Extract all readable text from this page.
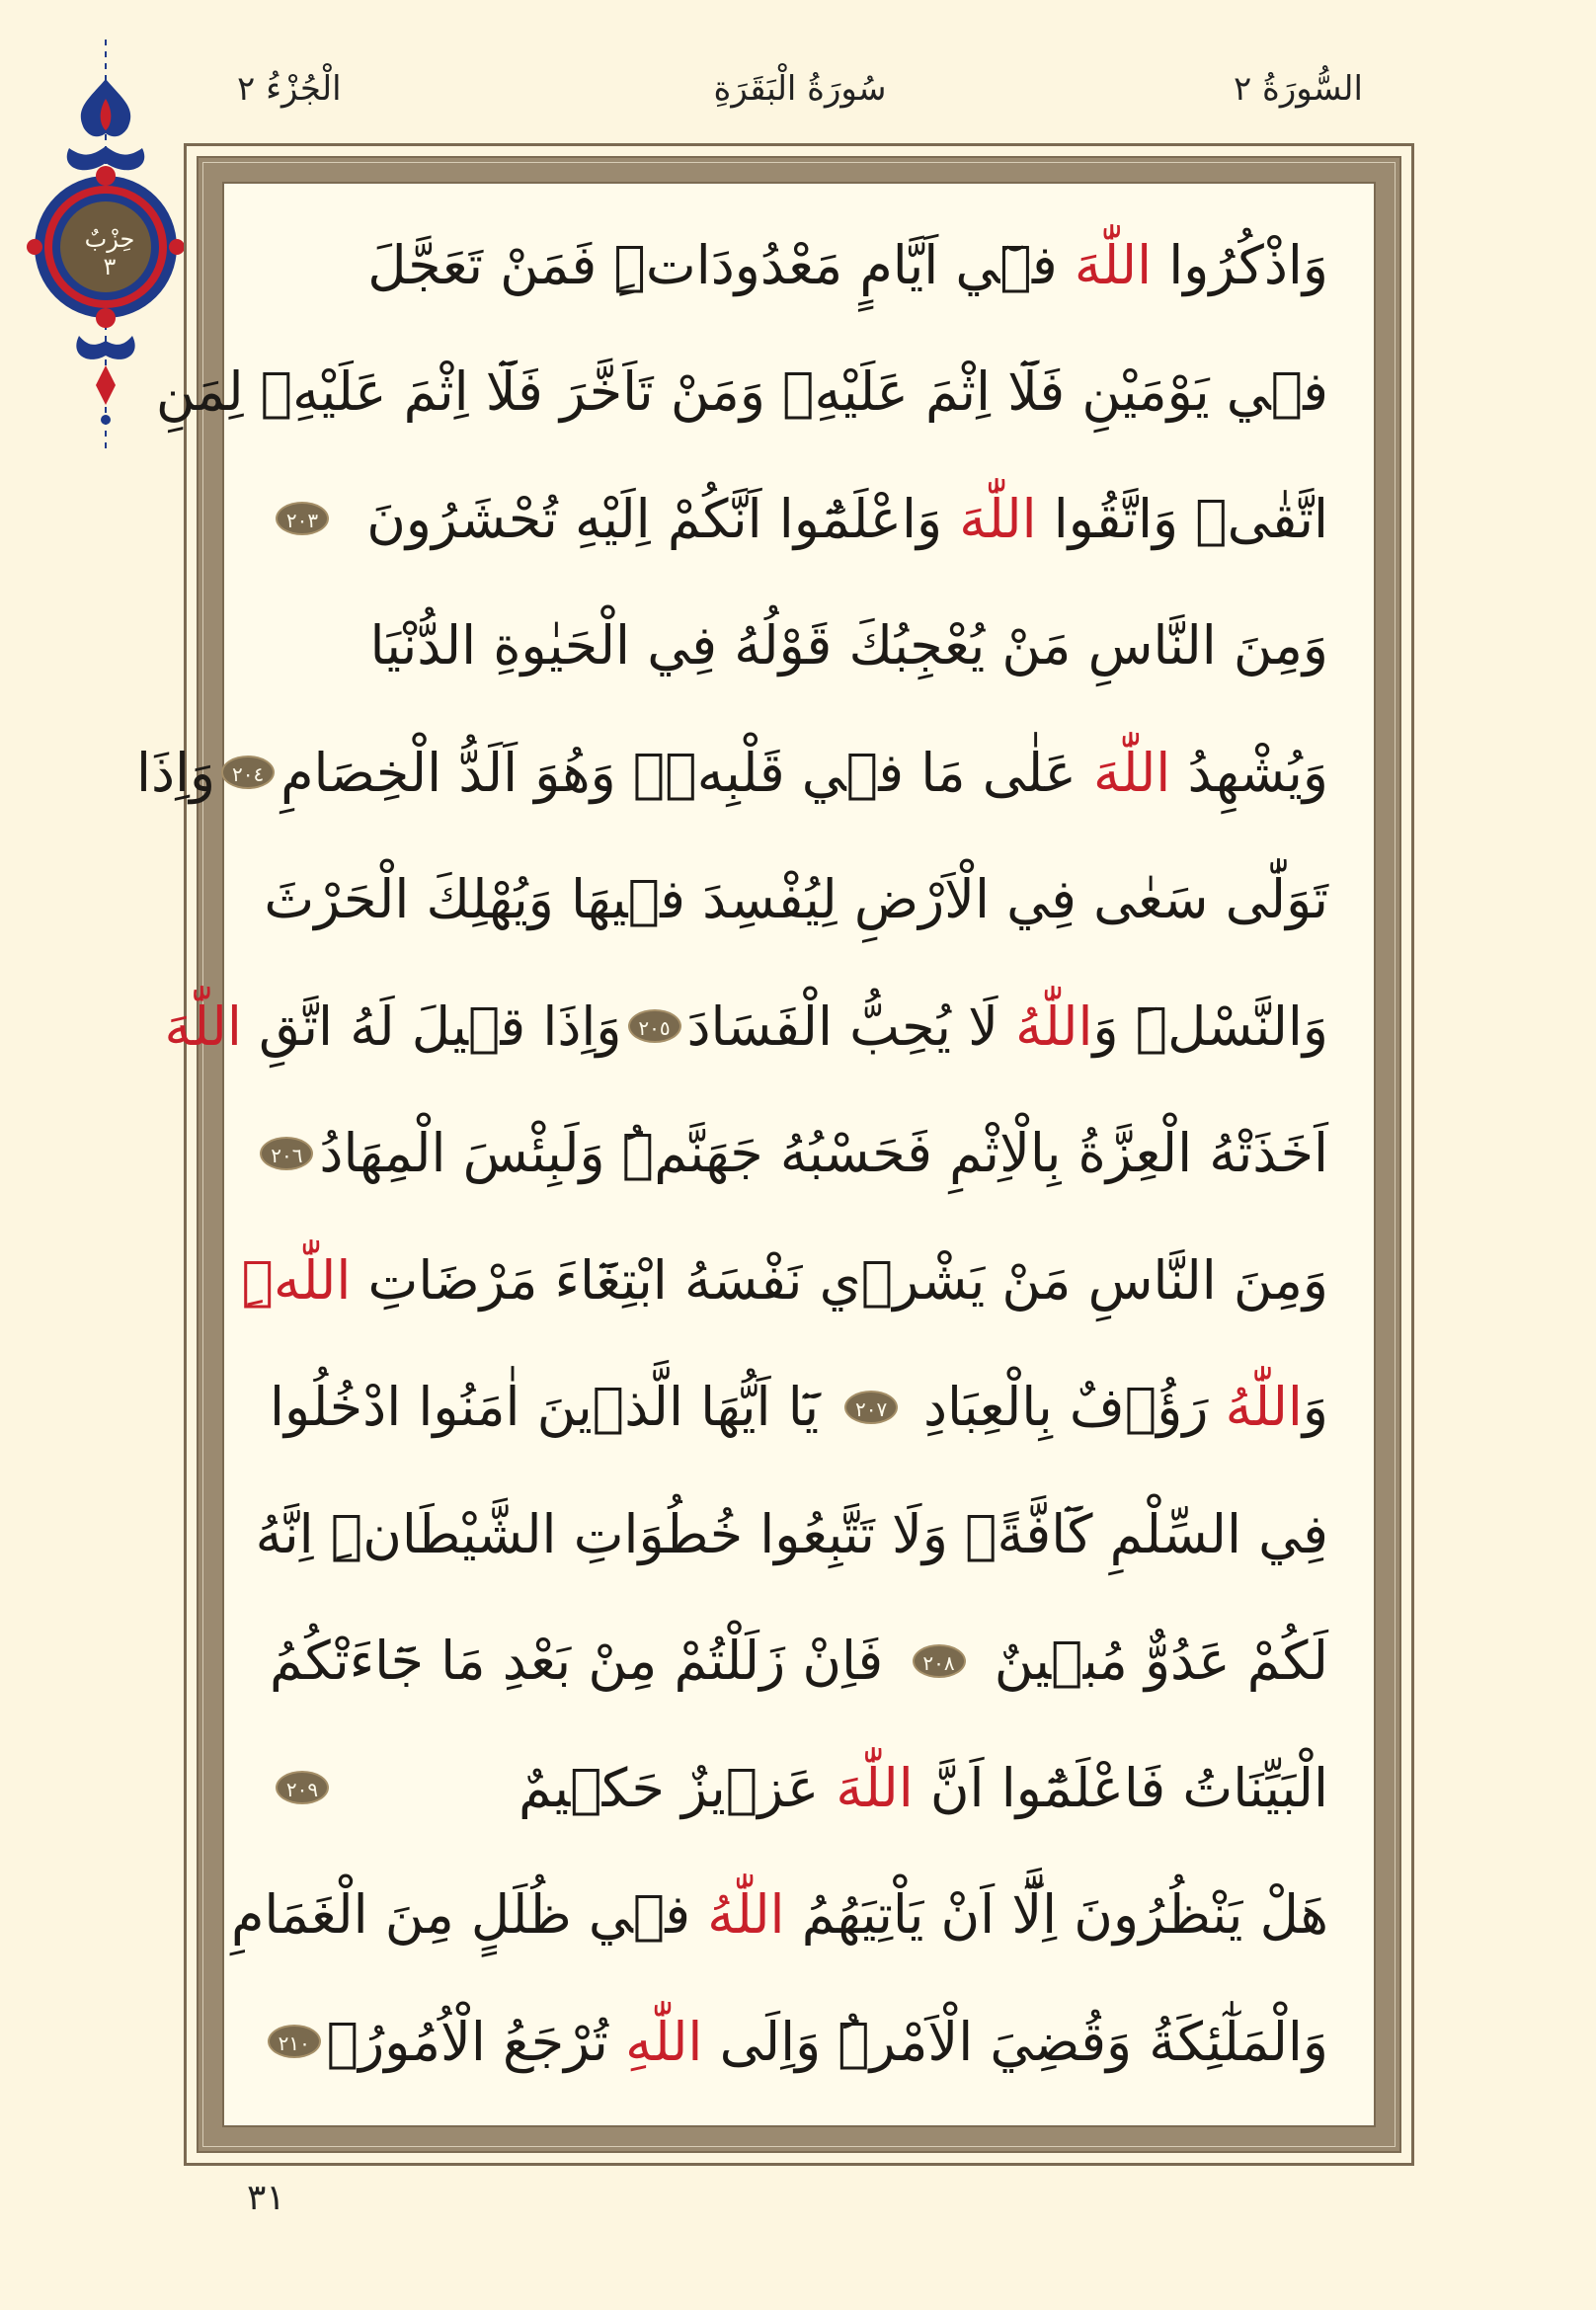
حِزْبٌ
٣
السُّورَةُ ٢
سُورَةُ الْبَقَرَةِ
الْجُزْءُ ٢
وَاذْكُرُوا اللّٰهَ فٖٓي اَيَّامٍ مَعْدُودَاتٍۜ فَمَنْ تَعَجَّلَ
فٖي يَوْمَيْنِ فَلَٓا اِثْمَ عَلَيْهِۚ وَمَنْ تَاَخَّرَ فَلَٓا اِثْمَ عَلَيْهِۙ لِمَنِ
اتَّقٰىۜ وَاتَّقُوا اللّٰهَ وَاعْلَمُٓوا اَنَّكُمْ اِلَيْهِ تُحْشَرُونَ
٢٠٣
وَمِنَ النَّاسِ مَنْ يُعْجِبُكَ قَوْلُهُ فِي الْحَيٰوةِ الدُّنْيَا
وَيُشْهِدُ اللّٰهَ عَلٰى مَا فٖي قَلْبِهٖۙ وَهُوَ اَلَدُّ الْخِصَامِ
٢٠٤
وَاِذَا
تَوَلّٰى سَعٰى فِي الْاَرْضِ لِيُفْسِدَ فٖيهَا وَيُهْلِكَ الْحَرْثَ
وَالنَّسْلَۜ وَاللّٰهُ لَا يُحِبُّ الْفَسَادَ
٢٠٥
وَاِذَا قٖيلَ لَهُ اتَّقِ اللّٰهَ
اَخَذَتْهُ الْعِزَّةُ بِالْاِثْمِ فَحَسْبُهُ جَهَنَّمُۜ وَلَبِئْسَ الْمِهَادُ
٢٠٦
وَمِنَ النَّاسِ مَنْ يَشْرٖي نَفْسَهُ ابْتِغَٓاءَ مَرْضَاتِ اللّٰهِۜ
وَاللّٰهُ رَؤُ۫فٌ بِالْعِبَادِ
٢٠٧
يَٓا اَيُّهَا الَّذٖينَ اٰمَنُوا ادْخُلُوا
فِي السِّلْمِ كَٓافَّةًۖ وَلَا تَتَّبِعُوا خُطُوَاتِ الشَّيْطَانِۜ اِنَّهُ
لَكُمْ عَدُوٌّ مُبٖينٌ
٢٠٨
فَاِنْ زَلَلْتُمْ مِنْ بَعْدِ مَا جَٓاءَتْكُمُ
الْبَيِّنَاتُ فَاعْلَمُٓوا اَنَّ اللّٰهَ عَزٖيزٌ حَكٖيمٌ
٢٠٩
هَلْ يَنْظُرُونَ اِلَّٓا اَنْ يَاْتِيَهُمُ اللّٰهُ فٖي ظُلَلٍ مِنَ الْغَمَامِ
وَالْمَلٰٓئِكَةُ وَقُضِيَ الْاَمْرُۜ وَاِلَى اللّٰهِ تُرْجَعُ الْاُمُورُ۟
٢١٠
٣١
